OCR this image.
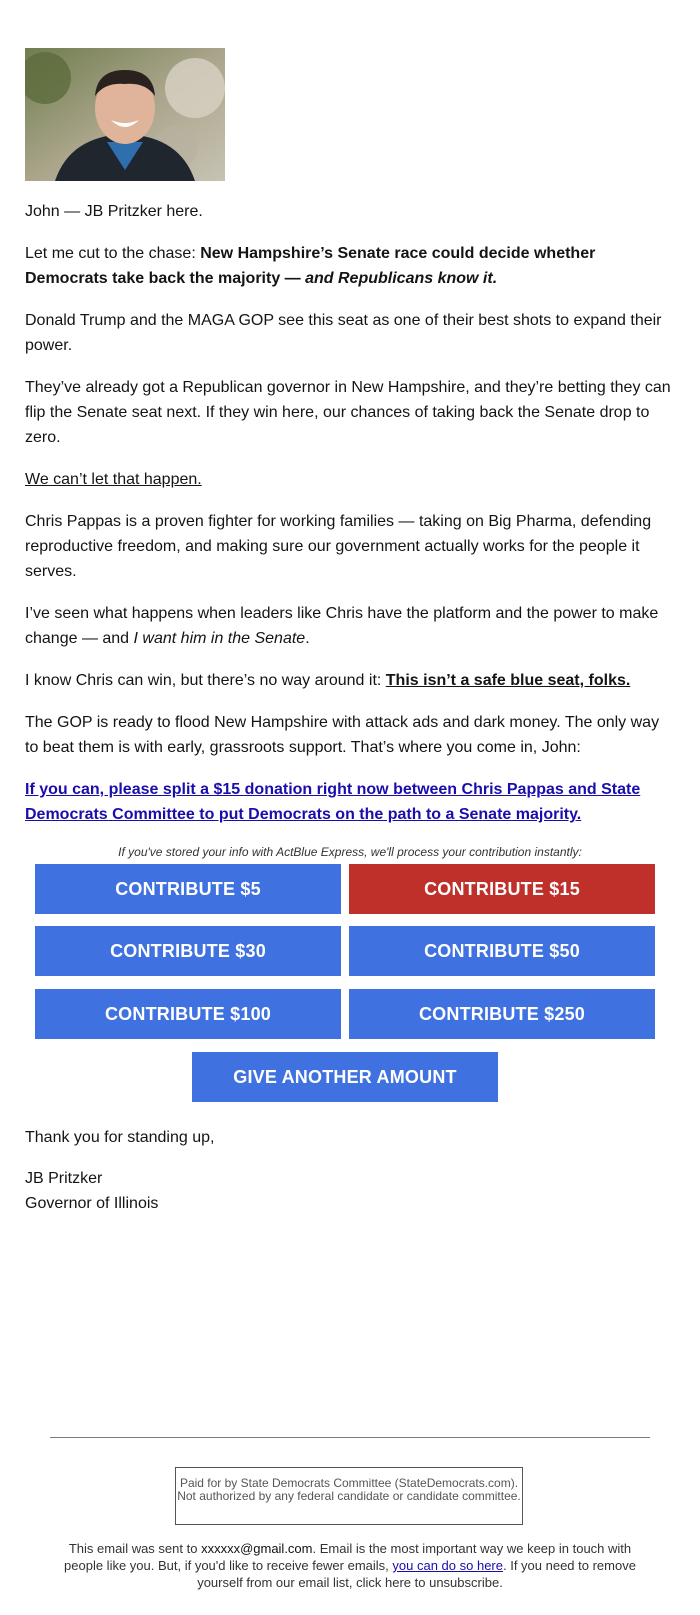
John — JB Pritzker here.

Let me cut to the chase: New Hampshire’s Senate race could decide whether Democrats take back the majority — and Republicans know it.

Donald Trump and the MAGA GOP see this seat as one of their best shots to expand their power.

They’ve already got a Republican governor in New Hampshire, and they’re betting they can flip the Senate seat next. If they win here, our chances of taking back the Senate drop to zero.

We can’t let that happen.

Chris Pappas is a proven fighter for working families — taking on Big Pharma, defending reproductive freedom, and making sure our government actually works for the people it serves.

I’ve seen what happens when leaders like Chris have the platform and the power to make change — and I want him in the Senate.

I know Chris can win, but there’s no way around it: This isn’t a safe blue seat, folks.

The GOP is ready to flood New Hampshire with attack ads and dark money. The only way to beat them is with early, grassroots support. That’s where you come in, John:

If you can, please split a $15 donation right now between Chris Pappas and State Democrats Committee to put Democrats on the path to a Senate majority.

If you've stored your info with ActBlue Express, we'll process your contribution instantly:

CONTRIBUTE $5	CONTRIBUTE $15
CONTRIBUTE $30	CONTRIBUTE $50
CONTRIBUTE $100	CONTRIBUTE $250
GIVE ANOTHER AMOUNT
Thank you for standing up,
JB Pritzker
Governor of Illinois
Paid for by State Democrats Committee (StateDemocrats.com). Not authorized by any federal candidate or candidate committee.
This email was sent to xxxxxx@gmail.com. Email is the most important way we keep in touch with people like you. But, if you'd like to receive fewer emails, you can do so here. If you need to remove yourself from our email list, click here to unsubscribe.
